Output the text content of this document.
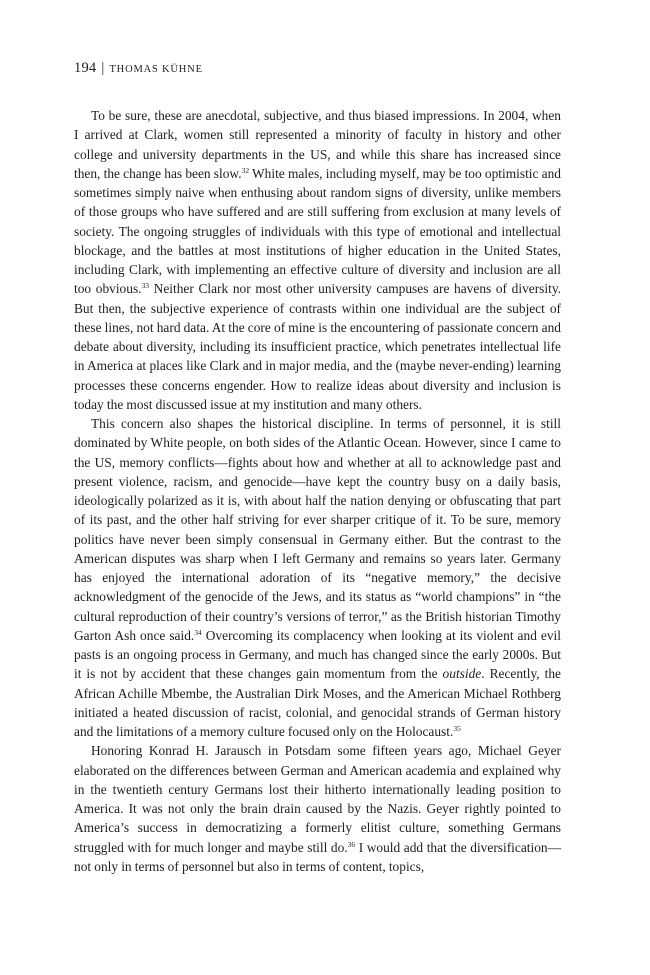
194 | THOMAS KÜHNE

To be sure, these are anecdotal, subjective, and thus biased impressions. In 2004, when I arrived at Clark, women still represented a minority of faculty in history and other college and university departments in the US, and while this share has increased since then, the change has been slow.$^{32}$ White males, including myself, may be too optimistic and sometimes simply naive when enthusing about random signs of diversity, unlike members of those groups who have suffered and are still suffering from exclusion at many levels of society. The ongoing struggles of individuals with this type of emotional and intellectual blockage, and the battles at most institutions of higher education in the United States, including Clark, with implementing an effective culture of diversity and inclusion are all too obvious.$^{33}$ Neither Clark nor most other university campuses are havens of diversity. But then, the subjective experience of contrasts within one individual are the subject of these lines, not hard data. At the core of mine is the encountering of passionate concern and debate about diversity, including its insufficient practice, which penetrates intellectual life in America at places like Clark and in major media, and the (maybe never-ending) learning processes these concerns engender. How to realize ideas about diversity and inclusion is today the most discussed issue at my institution and many others.

This concern also shapes the historical discipline. In terms of personnel, it is still dominated by White people, on both sides of the Atlantic Ocean. However, since I came to the US, memory conflicts—fights about how and whether at all to acknowledge past and present violence, racism, and genocide—have kept the country busy on a daily basis, ideologically polarized as it is, with about half the nation denying or obfuscating that part of its past, and the other half striving for ever sharper critique of it. To be sure, memory politics have never been simply consensual in Germany either. But the contrast to the American disputes was sharp when I left Germany and remains so years later. Germany has enjoyed the international adoration of its “negative memory,” the decisive acknowledgment of the genocide of the Jews, and its status as “world champions” in “the cultural reproduction of their country’s versions of terror,” as the British historian Timothy Garton Ash once said.$^{34}$ Overcoming its complacency when looking at its violent and evil pasts is an ongoing process in Germany, and much has changed since the early 2000s. But it is not by accident that these changes gain momentum from the outside. Recently, the African Achille Mbembe, the Australian Dirk Moses, and the American Michael Rothberg initiated a heated discussion of racist, colonial, and genocidal strands of German history and the limitations of a memory culture focused only on the Holocaust.$^{35}$

Honoring Konrad H. Jarausch in Potsdam some fifteen years ago, Michael Geyer elaborated on the differences between German and American academia and explained why in the twentieth century Germans lost their hitherto internationally leading position to America. It was not only the brain drain caused by the Nazis. Geyer rightly pointed to America’s success in democratizing a formerly elitist culture, something Germans struggled with for much longer and maybe still do.$^{36}$ I would add that the diversification—not only in terms of personnel but also in terms of content, topics,
